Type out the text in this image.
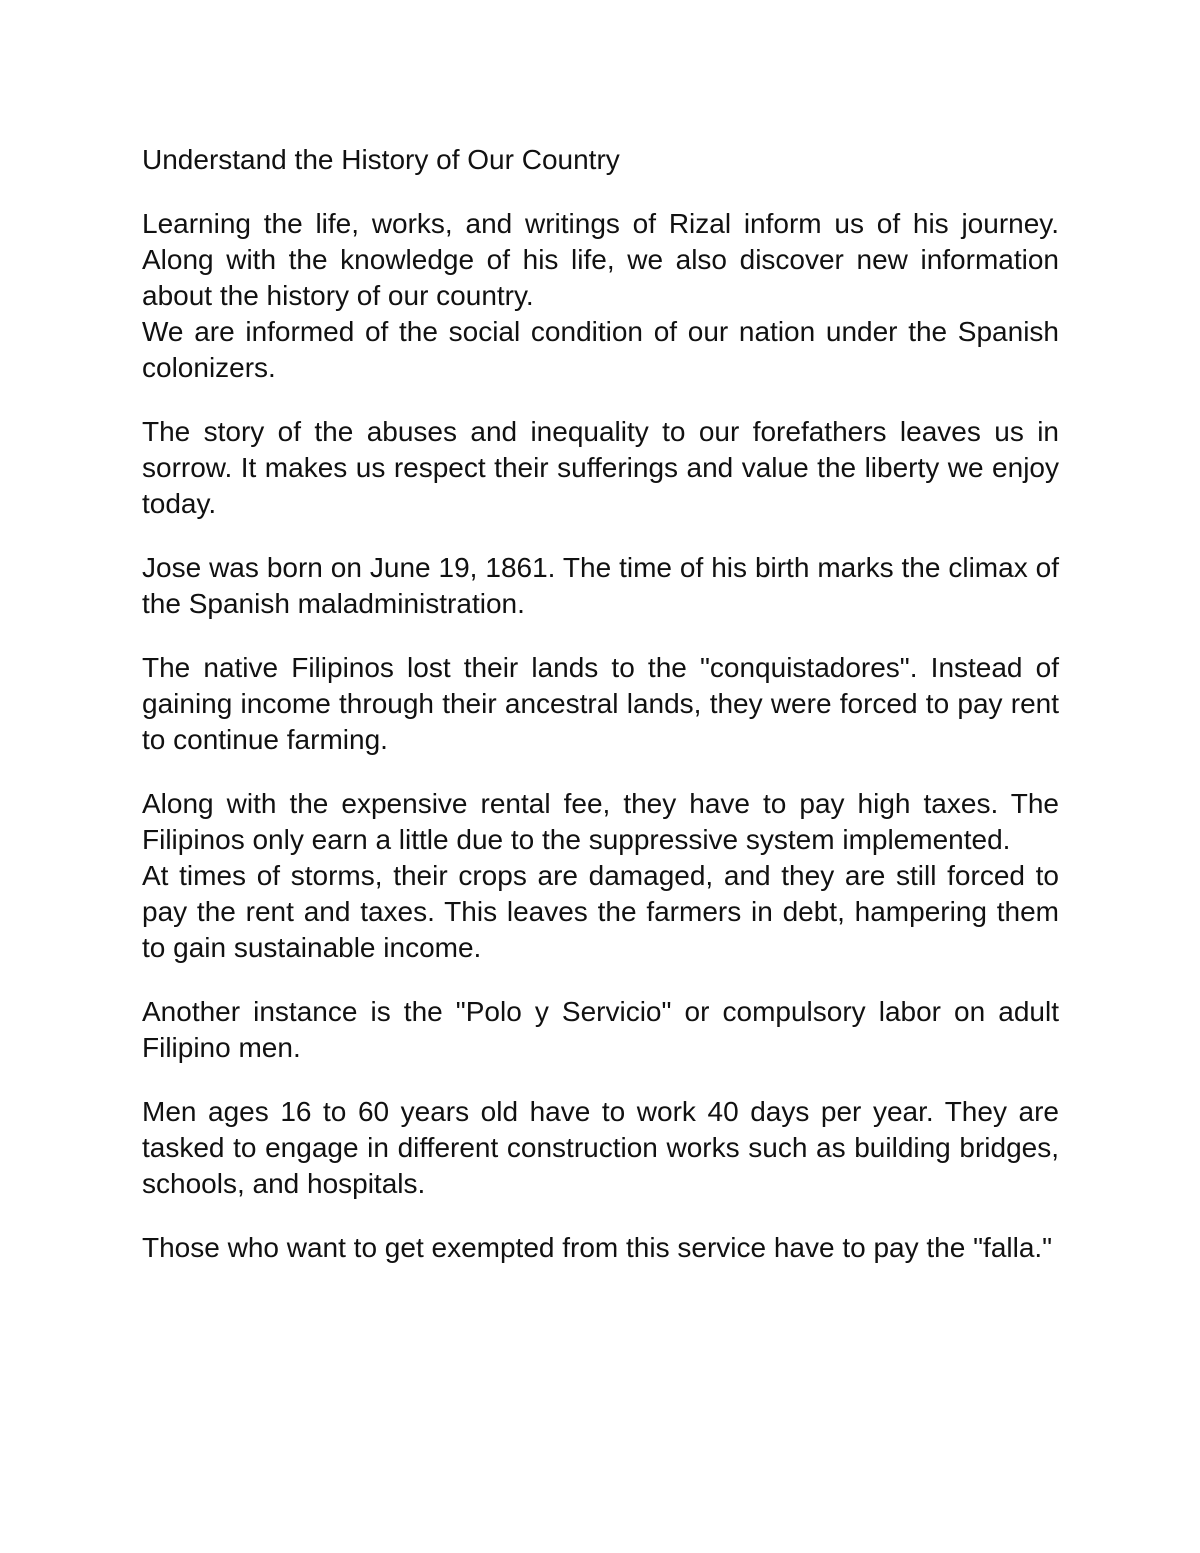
Understand the History of Our Country

Learning the life, works, and writings of Rizal inform us of his journey. Along with the knowledge of his life, we also discover new information about the history of our country.

We are informed of the social condition of our nation under the Spanish colonizers.

The story of the abuses and inequality to our forefathers leaves us in sorrow. It makes us respect their sufferings and value the liberty we enjoy today.

Jose was born on June 19, 1861. The time of his birth marks the climax of the Spanish maladministration.

The native Filipinos lost their lands to the "conquistadores". Instead of gaining income through their ancestral lands, they were forced to pay rent to continue farming.

Along with the expensive rental fee, they have to pay high taxes. The Filipinos only earn a little due to the suppressive system implemented.

At times of storms, their crops are damaged, and they are still forced to pay the rent and taxes. This leaves the farmers in debt, hampering them to gain sustainable income.

Another instance is the "Polo y Servicio" or compulsory labor on adult Filipino men.

Men ages 16 to 60 years old have to work 40 days per year. They are tasked to engage in different construction works such as building bridges, schools, and hospitals.

Those who want to get exempted from this service have to pay the "falla."
